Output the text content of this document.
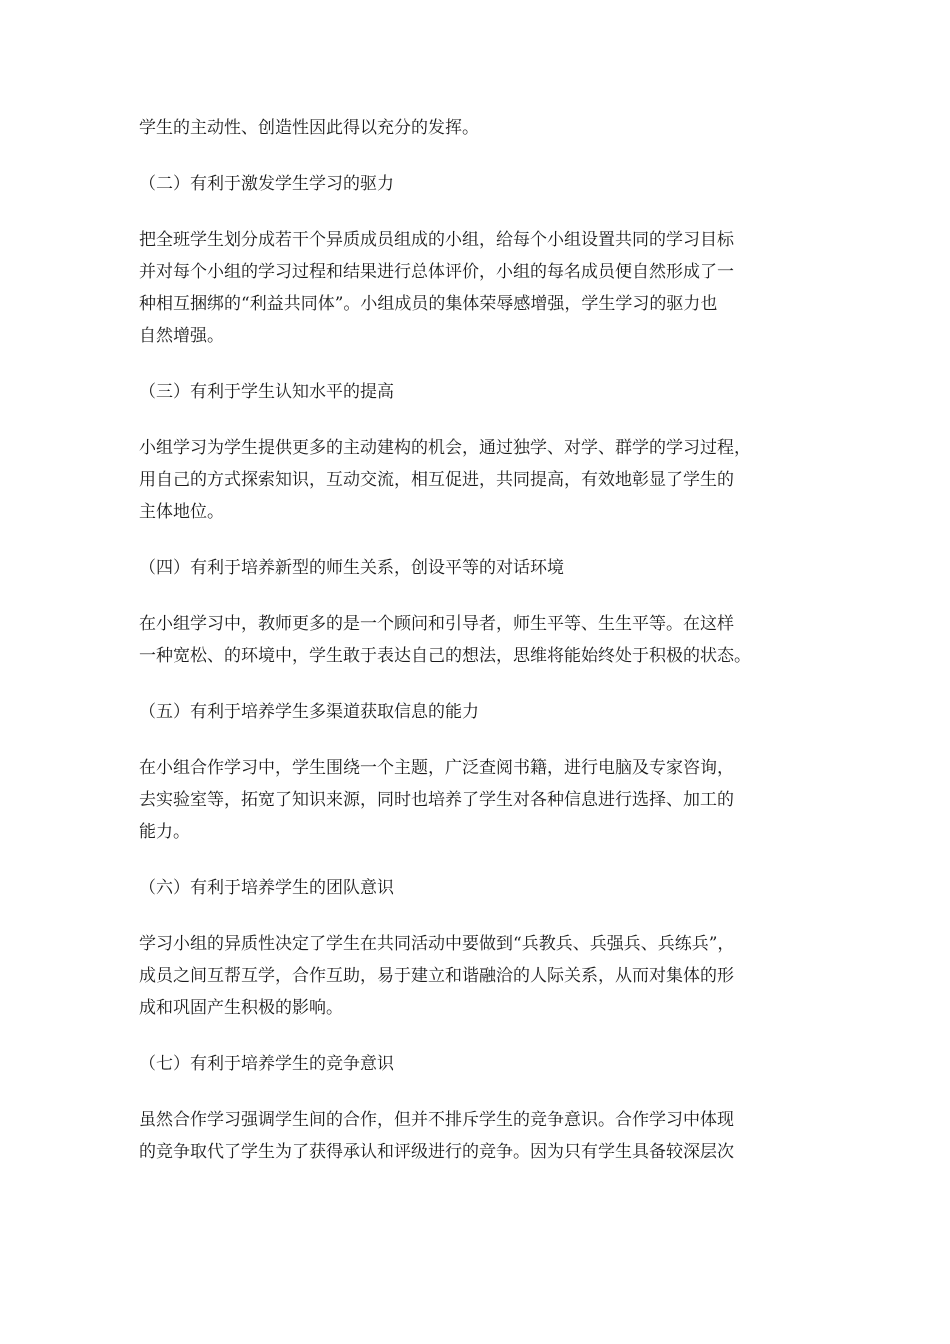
学生的主动性、创造性因此得以充分的发挥。

（二）有利于激发学生学习的驱力

把全班学生划分成若干个异质成员组成的小组，给每个小组设置共同的学习目标
并对每个小组的学习过程和结果进行总体评价，小组的每名成员便自然形成了一
种相互捆绑的“利益共同体”。小组成员的集体荣辱感增强，学生学习的驱力也
自然增强。

（三）有利于学生认知水平的提高

小组学习为学生提供更多的主动建构的机会，通过独学、对学、群学的学习过程，
用自己的方式探索知识，互动交流，相互促进，共同提高，有效地彰显了学生的
主体地位。

（四）有利于培养新型的师生关系，创设平等的对话环境

在小组学习中，教师更多的是一个顾问和引导者，师生平等、生生平等。在这样
一种宽松、的环境中，学生敢于表达自己的想法，思维将能始终处于积极的状态。

（五）有利于培养学生多渠道获取信息的能力

在小组合作学习中，学生围绕一个主题，广泛查阅书籍，进行电脑及专家咨询，
去实验室等，拓宽了知识来源，同时也培养了学生对各种信息进行选择、加工的
能力。

（六）有利于培养学生的团队意识

学习小组的异质性决定了学生在共同活动中要做到“兵教兵、兵强兵、兵练兵”，
成员之间互帮互学，合作互助，易于建立和谐融洽的人际关系，从而对集体的形
成和巩固产生积极的影响。

（七）有利于培养学生的竞争意识

虽然合作学习强调学生间的合作，但并不排斥学生的竞争意识。合作学习中体现
的竞争取代了学生为了获得承认和评级进行的竞争。因为只有学生具备较深层次
